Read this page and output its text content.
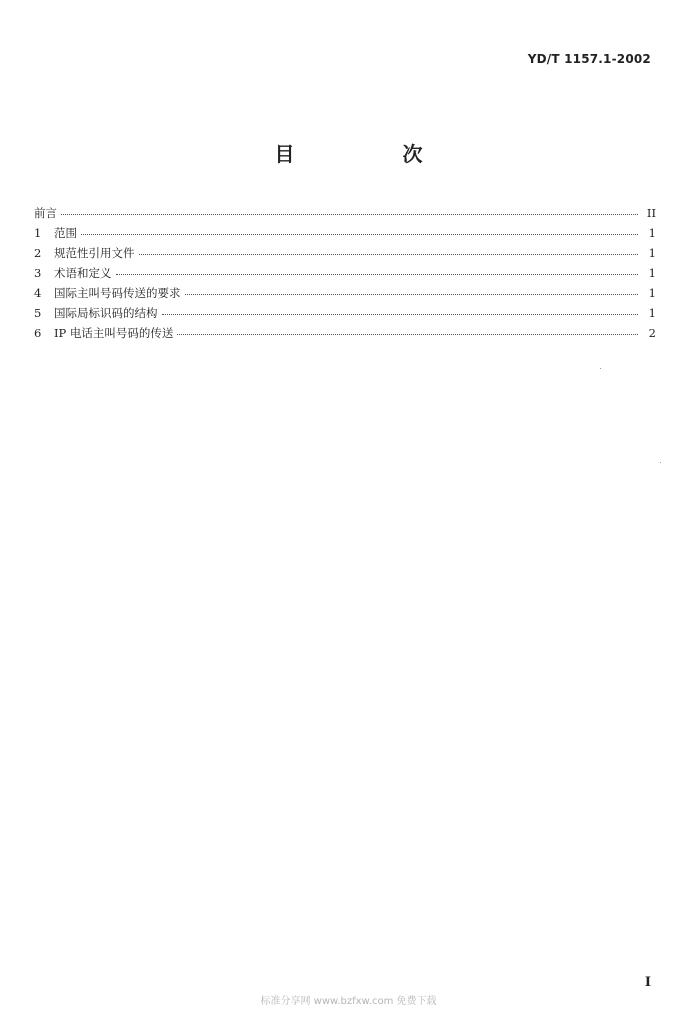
YD/T 1157.1-2002
目　次
前言	II
1	范围	1
2	规范性引用文件	1
3	术语和定义	1
4	国际主叫号码传送的要求	1
5	国际局标识码的结构	1
6	IP 电话主叫号码的传送	2
I
标准分享网 www.bzfxw.com 免费下载
